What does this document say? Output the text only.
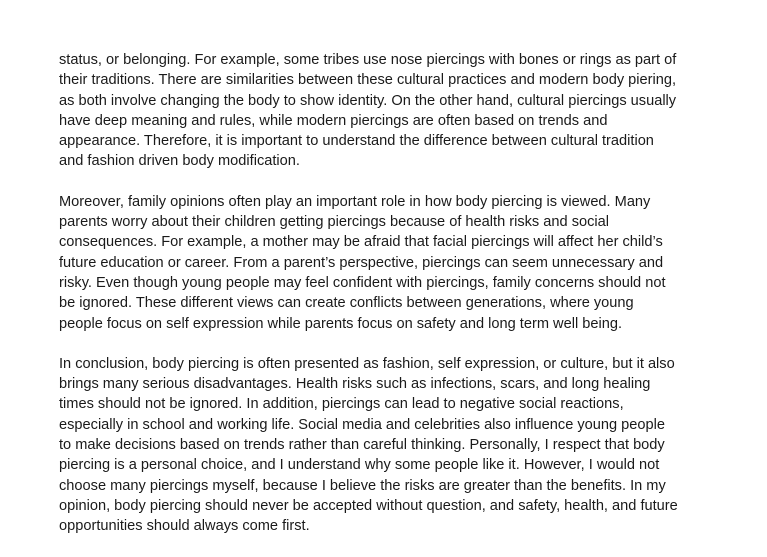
status, or belonging. For example, some tribes use nose piercings with bones or rings as part of
their traditions. There are similarities between these cultural practices and modern body piering,
as both involve changing the body to show identity. On the other hand, cultural piercings usually
have deep meaning and rules, while modern piercings are often based on trends and
appearance. Therefore, it is important to understand the difference between cultural tradition
and fashion driven body modification.

Moreover, family opinions often play an important role in how body piercing is viewed. Many
parents worry about their children getting piercings because of health risks and social
consequences. For example, a mother may be afraid that facial piercings will affect her child’s
future education or career. From a parent’s perspective, piercings can seem unnecessary and
risky. Even though young people may feel confident with piercings, family concerns should not
be ignored. These different views can create conflicts between generations, where young
people focus on self expression while parents focus on safety and long term well being.

In conclusion, body piercing is often presented as fashion, self expression, or culture, but it also
brings many serious disadvantages. Health risks such as infections, scars, and long healing
times should not be ignored. In addition, piercings can lead to negative social reactions,
especially in school and working life. Social media and celebrities also influence young people
to make decisions based on trends rather than careful thinking. Personally, I respect that body
piercing is a personal choice, and I understand why some people like it. However, I would not
choose many piercings myself, because I believe the risks are greater than the benefits. In my
opinion, body piercing should never be accepted without question, and safety, health, and future
opportunities should always come first.
